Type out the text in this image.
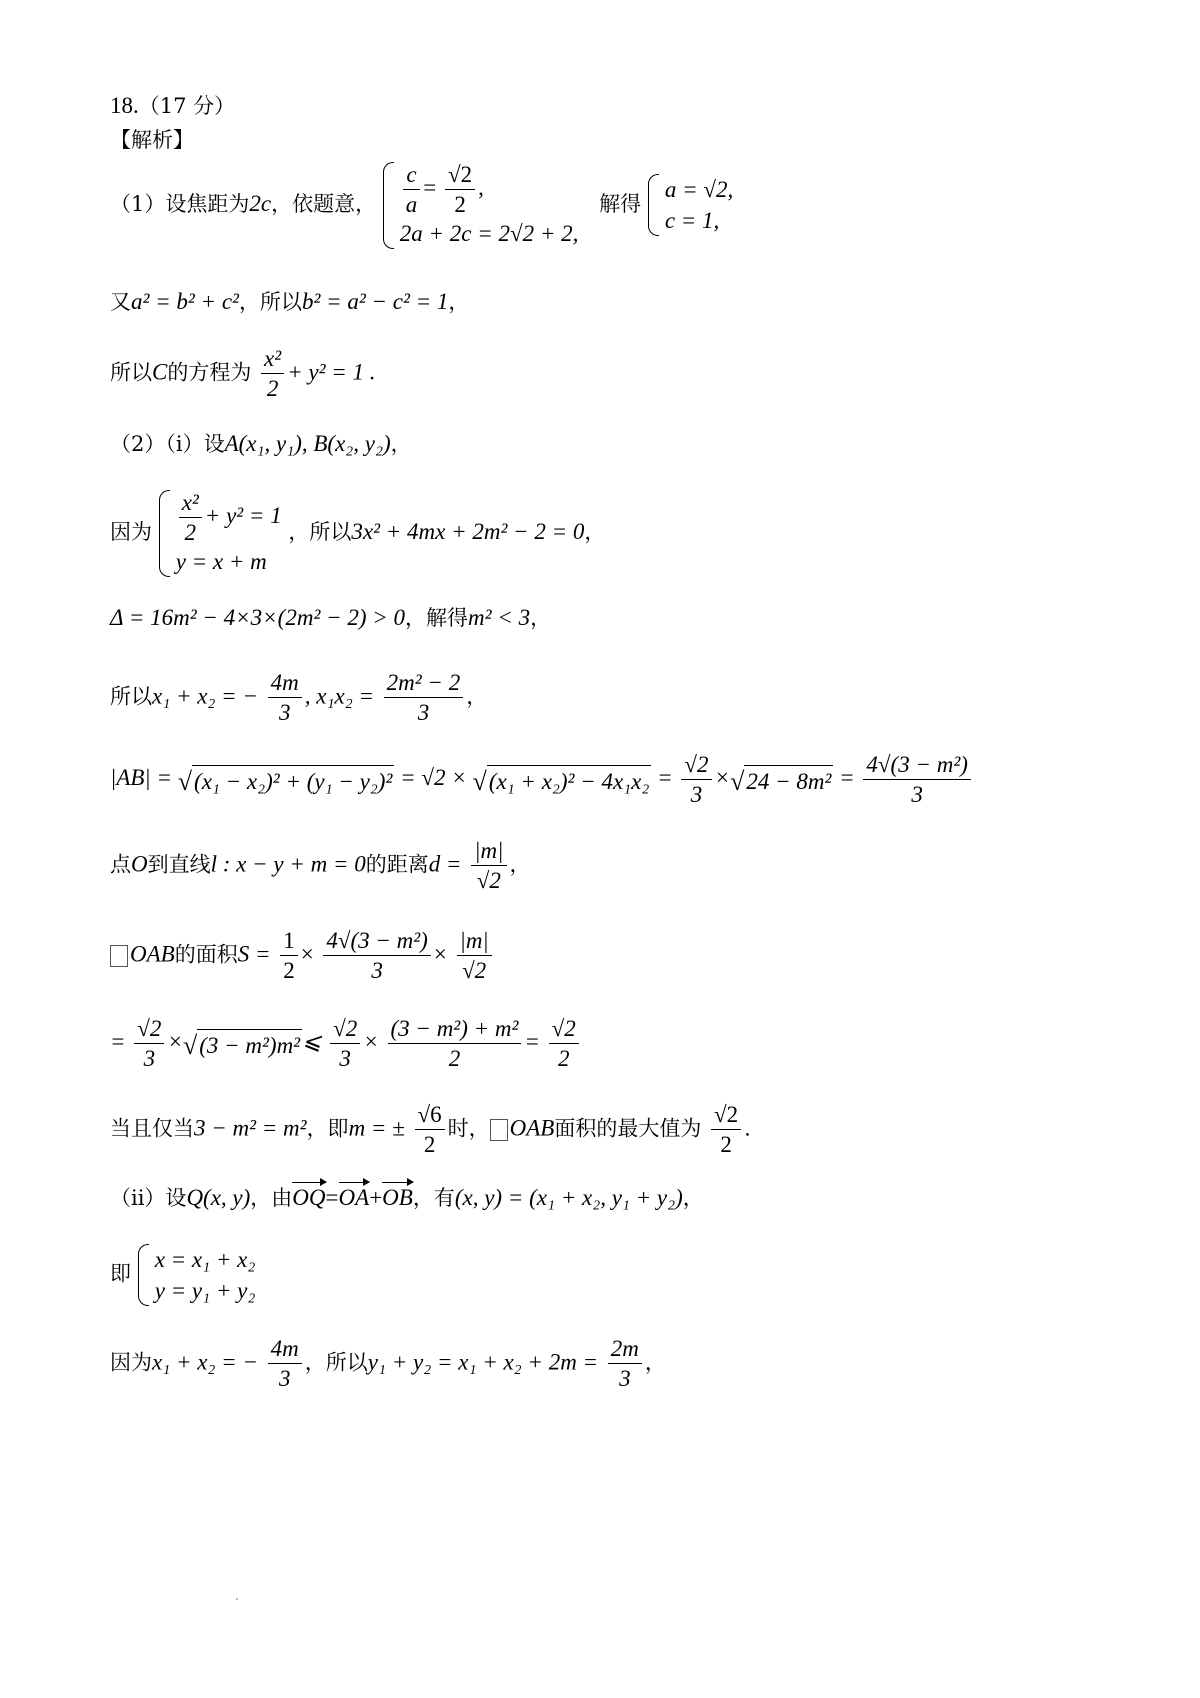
18.（17 分）
【解析】
（1）设焦距为2c，依题意， $\frac{c}{a} = \frac{√2}{2}$ ,
2a + 2c = 2√2 + 2,
解得
a = √2,
c = 1,
又a² = b² + c²，所以b² = a² − c² = 1，
所以C的方程为 $\frac{\text{x²}}{2} + y^2 = 1$ .
（2）（i）设A(x₁, y₁), B(x₂, y₂)，
因为 $\frac{\text{x²}}{2} + y^2 = 1$
y = x + m
，所以3x² + 4mx + 2m² − 2 = 0，
Δ = 16m² − 4×3×(2m² − 2) > 0，解得m² < 3，
所以x₁ + x₂ = − $\frac{4m}{3}$ , $x_1x_2 = \frac{\text{2m² − 2}}{3}$ ，
|AB| = √ (x₁ − x₂)² + (y₁ − y₂)² = √2 × √ $(x_1 + x_2)^2 - 4x_1x_2 = \frac{√2}{3}$ × √ $24 - 8m^2 = \frac{\text{4√(3 − m²)}}{3}$
点O到直线l : x − y + m = 0的距离$d = \frac{|m|}{√2}$ ，
OAB的面积$S = \frac{1}{2} \times \frac{\text{4√(3 − m²)}}{3} \times \frac{|m|}{√2}$
= $\frac{√2}{3}$ × √ (3 − m²)m² ⩽ $\frac{√2}{3} \times \frac{\text{(3 − m²) + m²}}{2} = \frac{√2}{2}$
当且仅当3 − m² = m²，即m = ± $\frac{√6}{2}$ 时， OAB面积的最大值为 $\frac{√2}{2}$ .
（ii）设Q(x, y)，由OQ=OA+OB，有(x, y) = (x₁ + x₂, y₁ + y₂)，
即
x = x₁ + x₂
y = y₁ + y₂
因为x₁ + x₂ = − $\frac{4m}{3}$ ，所以$y_1 + y_2 = x_1 + x_2 + 2m = \frac{2m}{3}$ ，
